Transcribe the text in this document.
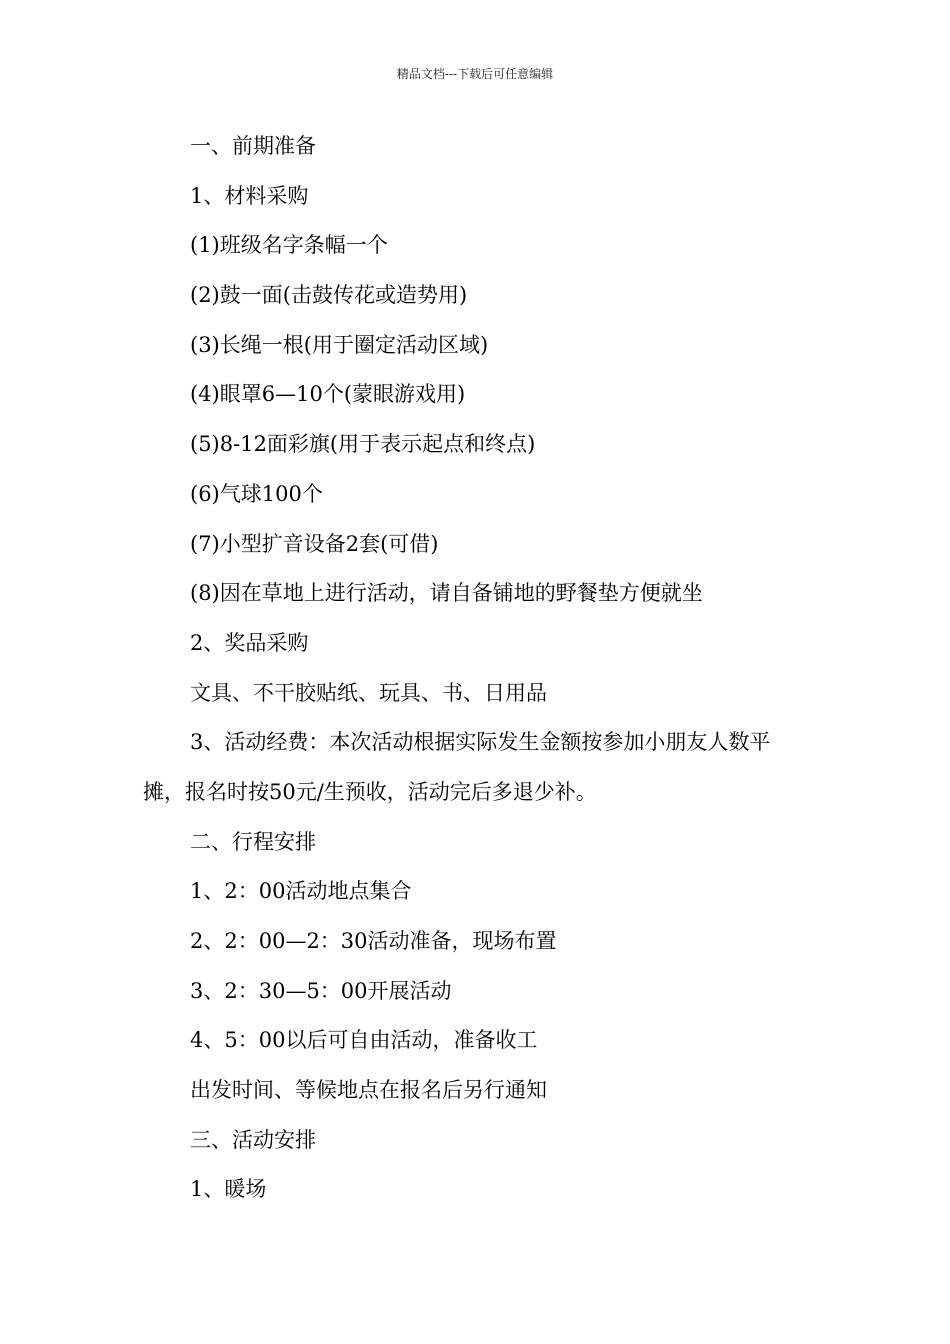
精品文档---下载后可任意编辑
一、前期准备
1、材料采购
(1)班级名字条幅一个
(2)鼓一面(击鼓传花或造势用)
(3)长绳一根(用于圈定活动区域)
(4)眼罩6—10个(蒙眼游戏用)
(5)8-12面彩旗(用于表示起点和终点)
(6)气球100个
(7)小型扩音设备2套(可借)
(8)因在草地上进行活动，请自备铺地的野餐垫方便就坐
2、奖品采购
文具、不干胶贴纸、玩具、书、日用品
3、活动经费：本次活动根据实际发生金额按参加小朋友人数平
摊，报名时按50元/生预收，活动完后多退少补。
二、行程安排
1、2：00活动地点集合
2、2：00—2：30活动准备，现场布置
3、2：30—5：00开展活动
4、5：00以后可自由活动，准备收工
出发时间、等候地点在报名后另行通知
三、活动安排
1、暖场
